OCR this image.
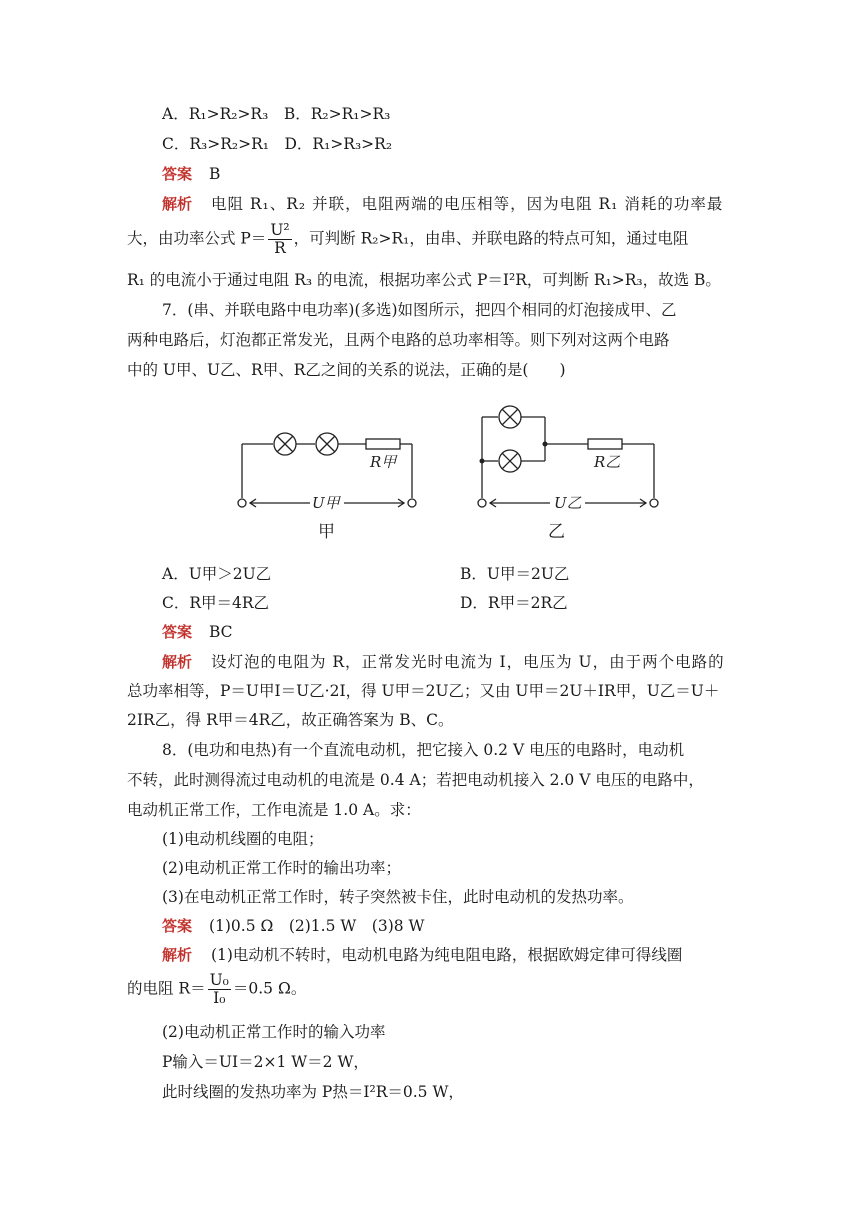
A．R₁>R₂>R₃　B．R₂>R₁>R₃
C．R₃>R₂>R₁　D．R₁>R₃>R₂
答案 B
解析 电阻 R₁、R₂ 并联，电阻两端的电压相等，因为电阻 R₁ 消耗的功率最
大，由功率公式 $P= \frac{\text{U²}}{R}$ ，可判断 R₂>R₁，由串、并联电路的特点可知，通过电阻
R₁ 的电流小于通过电阻 R₃ 的电流，根据功率公式 P＝I²R，可判断 R₁>R₃，故选 B。
7．(串、并联电路中电功率)(多选)如图所示，把四个相同的灯泡接成甲、乙
两种电路后，灯泡都正常发光，且两个电路的总功率相等。则下列对这两个电路
中的 U甲、U乙、R甲、R乙之间的关系的说法，正确的是(　　)
R甲
U甲
甲
R乙
U乙
乙
A．U甲＞2U乙	B．U甲＝2U乙
C．R甲＝4R乙	D．R甲＝2R乙
答案 BC
解析 设灯泡的电阻为 R，正常发光时电流为 I，电压为 U，由于两个电路的
总功率相等，P＝U甲I＝U乙·2I，得 U甲＝2U乙；又由 U甲＝2U＋IR甲，U乙＝U＋
2IR乙，得 R甲＝4R乙，故正确答案为 B、C。
8．(电功和电热)有一个直流电动机，把它接入 0.2 V 电压的电路时，电动机
不转，此时测得流过电动机的电流是 0.4 A；若把电动机接入 2.0 V 电压的电路中，
电动机正常工作，工作电流是 1.0 A。求：
(1)电动机线圈的电阻；
(2)电动机正常工作时的输出功率；
(3)在电动机正常工作时，转子突然被卡住，此时电动机的发热功率。
答案 (1)0.5 Ω　(2)1.5 W　(3)8 W
解析 (1)电动机不转时，电动机电路为纯电阻电路，根据欧姆定律可得线圈
的电阻 $R= \frac{\text{U₀}}{\text{I₀}} =0.5$ Ω。
(2)电动机正常工作时的输入功率
P输入＝UI＝2×1 W＝2 W，
此时线圈的发热功率为 P热＝I²R＝0.5 W，
